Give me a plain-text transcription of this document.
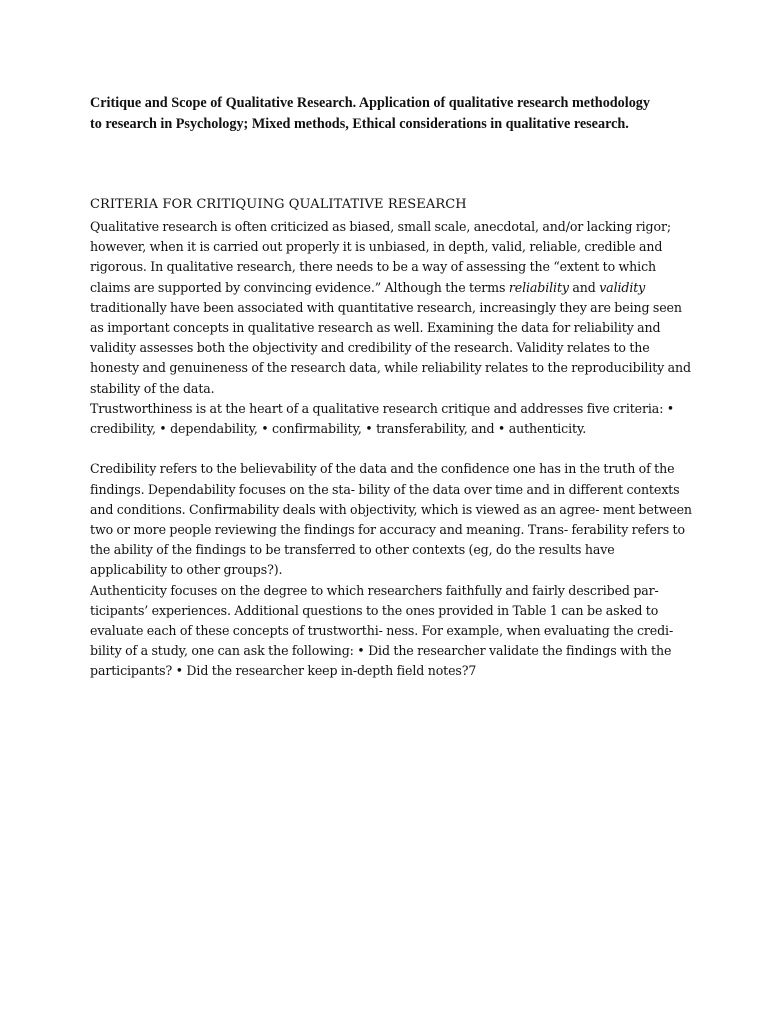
Critique and Scope of Qualitative Research. Application of qualitative research methodology to research in Psychology; Mixed methods, Ethical considerations in qualitative research.

CRITERIA FOR CRITIQUING QUALITATIVE RESEARCH

Qualitative research is often criticized as biased, small scale, anecdotal, and/or lacking rigor; however, when it is carried out properly it is unbiased, in depth, valid, reliable, credible and rigorous. In qualitative research, there needs to be a way of assessing the “extent to which claims are supported by convincing evidence.” Although the terms reliability and validity traditionally have been associated with quantitative research, increasingly they are being seen as important concepts in qualitative research as well. Examining the data for reliability and validity assesses both the objectivity and credibility of the research. Validity relates to the honesty and genuineness of the research data, while reliability relates to the reproducibility and stability of the data.

Trustworthiness is at the heart of a qualitative research critique and addresses five criteria: • credibility, • dependability, • confirmability, • transferability, and • authenticity.

Credibility refers to the believability of the data and the confidence one has in the truth of the findings. Dependability focuses on the sta- bility of the data over time and in different contexts and conditions. Confirmability deals with objectivity, which is viewed as an agree- ment between two or more people reviewing the findings for accuracy and meaning. Trans- ferability refers to the ability of the findings to be transferred to other contexts (eg, do the results have applicability to other groups?).

Authenticity focuses on the degree to which researchers faithfully and fairly described par- ticipants’ experiences. Additional questions to the ones provided in Table 1 can be asked to evaluate each of these concepts of trustworthi- ness. For example, when evaluating the credi- bility of a study, one can ask the following: • Did the researcher validate the findings with the participants? • Did the researcher keep in-depth field notes?7
